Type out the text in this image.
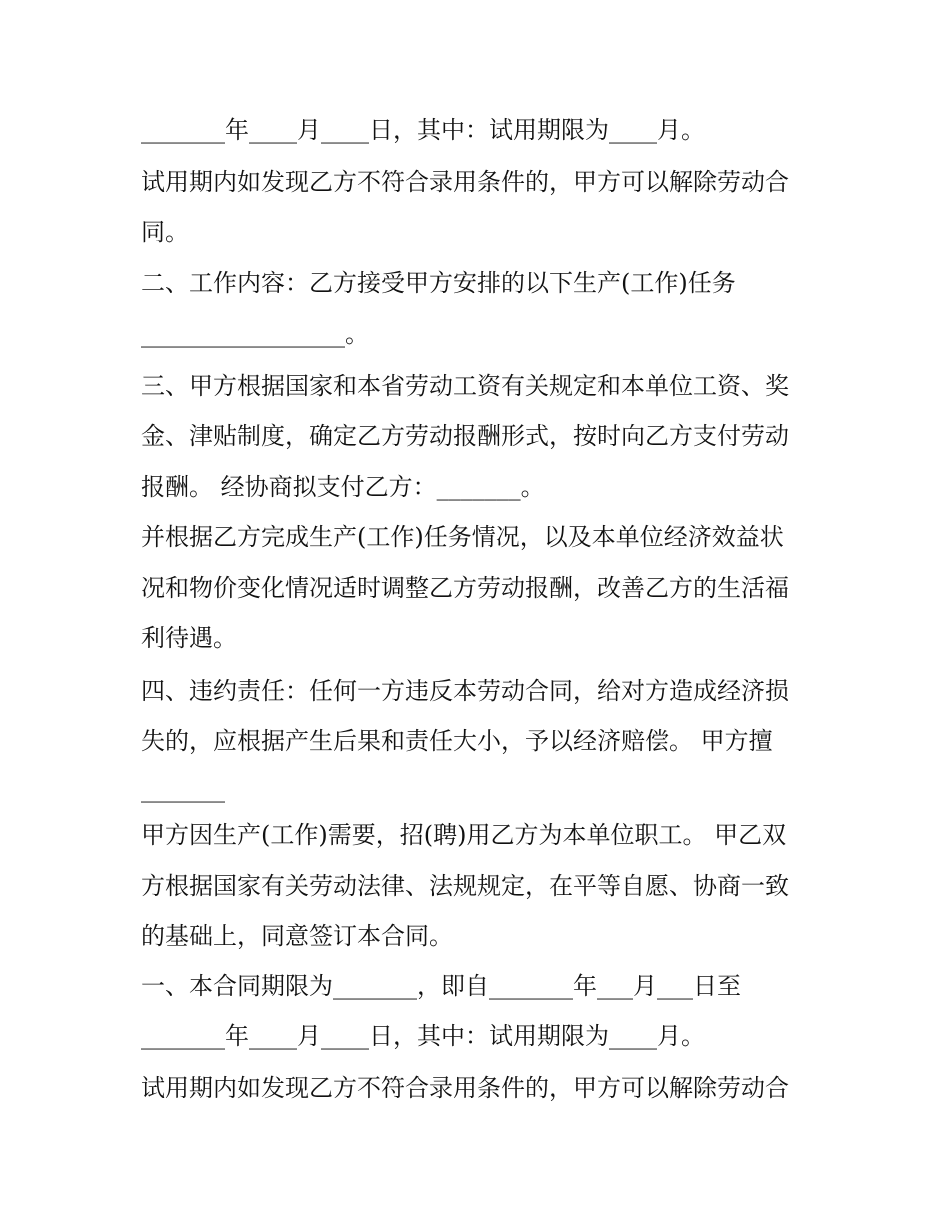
_______年____月____日，其中：试用期限为____月。
试用期内如发现乙方不符合录用条件的，甲方可以解除劳动合
同。
二、工作内容：乙方接受甲方安排的以下生产(工作)任务
_________________。
三、甲方根据国家和本省劳动工资有关规定和本单位工资、奖
金、津贴制度，确定乙方劳动报酬形式，按时向乙方支付劳动
报酬。 经协商拟支付乙方：_______。
并根据乙方完成生产(工作)任务情况，以及本单位经济效益状
况和物价变化情况适时调整乙方劳动报酬，改善乙方的生活福
利待遇。
四、违约责任：任何一方违反本劳动合同，给对方造成经济损
失的，应根据产生后果和责任大小，予以经济赔偿。 甲方擅
_______
甲方因生产(工作)需要，招(聘)用乙方为本单位职工。 甲乙双
方根据国家有关劳动法律、法规规定，在平等自愿、协商一致
的基础上，同意签订本合同。
一、本合同期限为_______，即自_______年___月___日至
_______年____月____日，其中：试用期限为____月。
试用期内如发现乙方不符合录用条件的，甲方可以解除劳动合
